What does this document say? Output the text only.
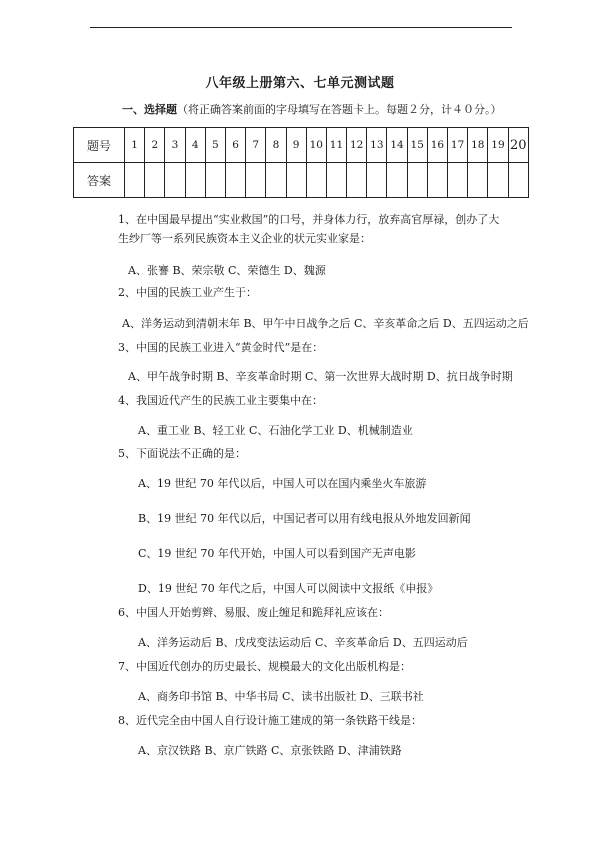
八年级上册第六、七单元测试题
一、选择题（将正确答案前面的字母填写在答题卡上。每题２分，计４０分。）
题号	1	2	3	4	5	6	7	8	9	10	11	12	13	14	15	16	17	18	19	20
答案																				
1、在中国最早提出“实业救国”的口号，并身体力行，放弃高官厚禄，创办了大生纱厂等一系列民族资本主义企业的状元实业家是：
A、张謇 B、荣宗敬 C、荣德生 D、魏源
2、中国的民族工业产生于：
A、洋务运动到清朝末年 B、甲午中日战争之后 C、辛亥革命之后 D、五四运动之后
3、中国的民族工业进入“黄金时代”是在：
A、甲午战争时期 B、辛亥革命时期 C、第一次世界大战时期 D、抗日战争时期
4、我国近代产生的民族工业主要集中在：
A、重工业 B、轻工业 C、石油化学工业 D、机械制造业
5、下面说法不正确的是：
A、19 世纪 70 年代以后，中国人可以在国内乘坐火车旅游
B、19 世纪 70 年代以后，中国记者可以用有线电报从外地发回新闻
C、19 世纪 70 年代开始，中国人可以看到国产无声电影
D、19 世纪 70 年代之后，中国人可以阅读中文报纸《申报》
6、中国人开始剪辫、易服、废止缠足和跪拜礼应该在：
A、洋务运动后 B、戊戌变法运动后 C、辛亥革命后 D、五四运动后
7、中国近代创办的历史最长、规模最大的文化出版机构是：
A、商务印书馆 B、中华书局 C、读书出版社 D、三联书社
8、近代完全由中国人自行设计施工建成的第一条铁路干线是：
A、京汉铁路 B、京广铁路 C、京张铁路 D、津浦铁路
